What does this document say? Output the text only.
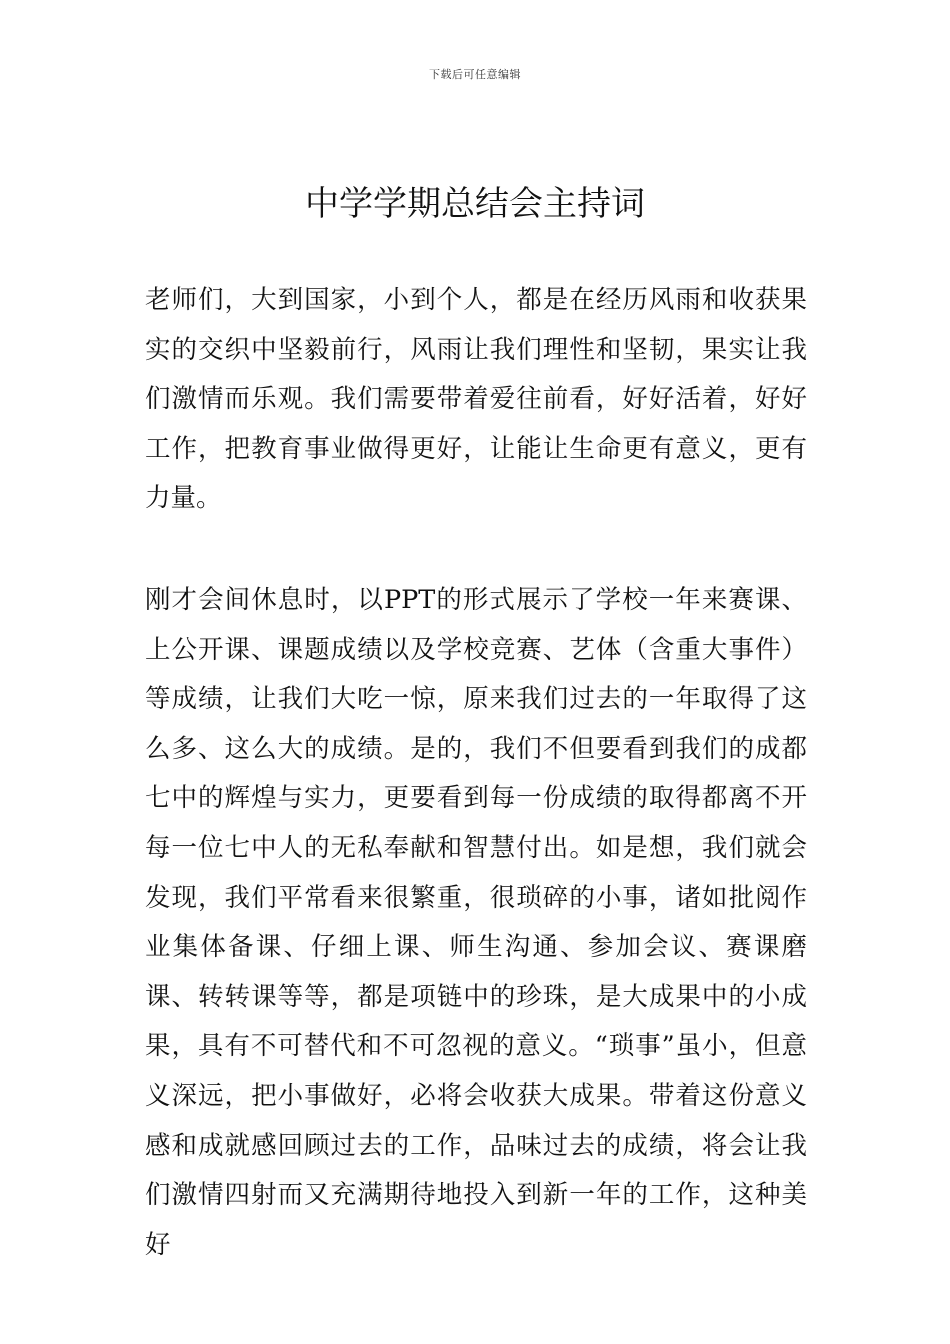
下载后可任意编辑
中学学期总结会主持词

老师们，大到国家，小到个人，都是在经历风雨和收获果实的交织中坚毅前行，风雨让我们理性和坚韧，果实让我们激情而乐观。我们需要带着爱往前看，好好活着，好好工作，把教育事业做得更好，让能让生命更有意义，更有力量。

刚才会间休息时，以PPT的形式展示了学校一年来赛课、上公开课、课题成绩以及学校竞赛、艺体（含重大事件）等成绩，让我们大吃一惊，原来我们过去的一年取得了这么多、这么大的成绩。是的，我们不但要看到我们的成都七中的辉煌与实力，更要看到每一份成绩的取得都离不开每一位七中人的无私奉献和智慧付出。如是想，我们就会发现，我们平常看来很繁重，很琐碎的小事，诸如批阅作业集体备课、仔细上课、师生沟通、参加会议、赛课磨课、转转课等等，都是项链中的珍珠，是大成果中的小成果，具有不可替代和不可忽视的意义。“琐事”虽小，但意义深远，把小事做好，必将会收获大成果。带着这份意义感和成就感回顾过去的工作，品味过去的成绩，将会让我们激情四射而又充满期待地投入到新一年的工作，这种美好
